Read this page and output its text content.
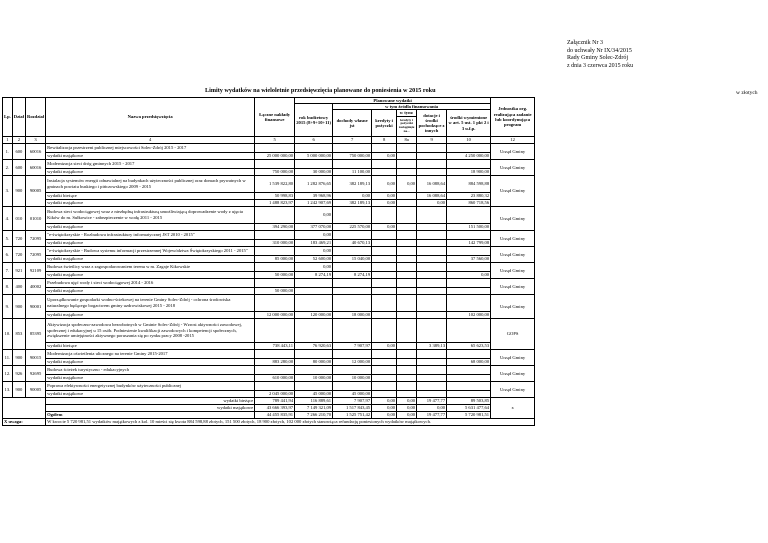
Załącznik Nr 3
do uchwały Nr IX/34/2015
Rady Gminy Solec-Zdrój
z dnia 3 czerwca 2015 roku
Limity wydatków na wieloletnie przedsięwzięcia planowane do poniesienia w 2015 roku	w złotych
Lp.	Dział	Rozdział	Nazwa przedsięwzięcia	Łączne nakłady finansowe	Planowane wydatki						Jednostka org. realizująca zadanie lub koordynująca program
					rok budżetowy 2015 (8+9+10+11)	w tym źródła finansowania					
						dochody własne jst	kredyty i pożyczki	w tym:	dotacje i środki pochodzące z innych	środki wymienione w art. 5 ust. 1 pkt 2 i 3 u.f.p.	
								kredyty i pożyczki zaciągnięte na...			
1	2	3	4	5	6	7	8	8a	9	10	12
1.	600	60016	Rewitalizacja przestrzeni publicznej miejscowości Solec-Zdrój 2015 - 2017								Urząd Gminy
			wydatki majątkowe	25 000 000,00	5 000 000,00	750 000,00	0,00			4 250 000,00	
2.	600	60016	Modernizacja sieci dróg gminnych 2015 - 2017								Urząd Gminy
			wydatki majątkowe	750 000,00	30 000,00	11 100,00				18 900,00	
3.	900	90005	Instalacja systemów energii odnawialnej na budynkach użyteczności publicznej oraz domach prywatnych w gminach powiatu buskiego i pińczowskiego 2009 - 2015	1 539 822,80	1 282 876,65	382 189,13	0,00	0,00	16 088,64	884 598,88	Urząd Gminy
			wydatki bieżące	50 998,83	39 968,96	0,00	0,00		16 088,64	23 880,32	
			wydatki majątkowe	1 488 823,97	1 242 907,69	382 189,13	0,00		0,00	860 718,56	
4.	010	01010	Budowa sieci wodociągowej wraz z niezbędną infrastrukturą umożliwiającą doprowadzenie wody z ujęcia Kików do m. Sułkowice - zabezpieczenie w wodę 2011 - 2015		0,00						Urząd Gminy
			wydatki majątkowe	394 290,00	377 070,00	225 570,00	0,00			151 500,00	
5.	720	72095	"e-świętokrzyskie - Rozbudowa infrastruktury informatycznej JST 2010 - 2015"		0,00						Urząd Gminy
			wydatki majątkowe	310 000,00	183 469,21	40 670,13				142 799,08	
6.	720	72095	"e-świętokrzyskie - Budowa systemu informacji przestrzennej Województwa Świętokrzyskiego 2011 - 2015"		0,00						Urząd Gminy
			wydatki majątkowe	85 000,00	52 600,00	15 040,00				37 560,00	
7.	921	92109	Budowa świetlicy wraz z zagospodarowaniem terenu w m. Zagaje Kikowskie		0,00						Urząd Gminy
			wydatki majątkowe	50 000,00	8 274,19	8 274,19				0,00	
8.	400	40002	Przebudowa ujęć wody i sieci wodociągowej 2014 - 2016								Urząd Gminy
			wydatki majątkowe	50 000,00							
9.	900	90001	Uporządkowanie gospodarki wodno-ściekowej na terenie Gminy Solec-Zdrój - ochrona środowiska naturalnego będącego bogactwem gminy uzdrowiskowej 2015 - 2018								Urząd Gminy
			wydatki majątkowe	12 000 000,00	120 000,00	18 000,00				102 000,00	
10.	853	85395	Aktywizacja społeczno-zawodowa bezrobotnych w Gminie Solec-Zdrój - Wzrost aktywności zawodowej, społecznej i edukacyjnej u 15 osób. Podniesienie kwalifikacji zawodowych i kompetencji społecznych, zwiększenie umiejętności aktywnego poruszania się po rynku pracy 2008 -2015								GOPS
			wydatki bieżące	738 443,11	76 920,63	7 907,97	0,00		3 389,13	65 623,53	
11.	900	90015	Modernizacja oświetlenia ulicznego na terenie Gminy 2015-2017								Urząd Gminy
			wydatki majątkowe	883 280,00	80 000,00	12 000,00				68 000,00	
12.	926	92695	Budowa ścieżek turystyczno - edukacyjnych								Urząd Gminy
			wydatki majątkowe	610 000,00	10 000,00	10 000,00					
13.	900	90005	Poprawa efektywności energetycznej budynków użyteczności publicznej								Urząd Gminy
			wydatki majątkowe	2 045 000,00	45 000,00	45 000,00					
			wydatki bieżące	789 441,94	116 889,61	7 907,97	0,00	0,00	19 477,77	89 503,85	x
			wydatki majątkowe	43 666 393,97	7 149 321,09	1 517 843,45	0,00	0,00	0,00	5 631 477,64	
			Ogółem	44 455 835,91	7 266 210,70	1 525 751,42	0,00	0,00	19 477,77	5 720 981,51	
X uwaga:			W kwocie 5 720 981,51 wydatków majątkowych z kol. 10 mieści się kwota 884 598,88 złotych, 151 500 złotych, 18 900 złotych, 102 000 złotych stanowiąca refundację poniesionych wydatków majątkowych.								
